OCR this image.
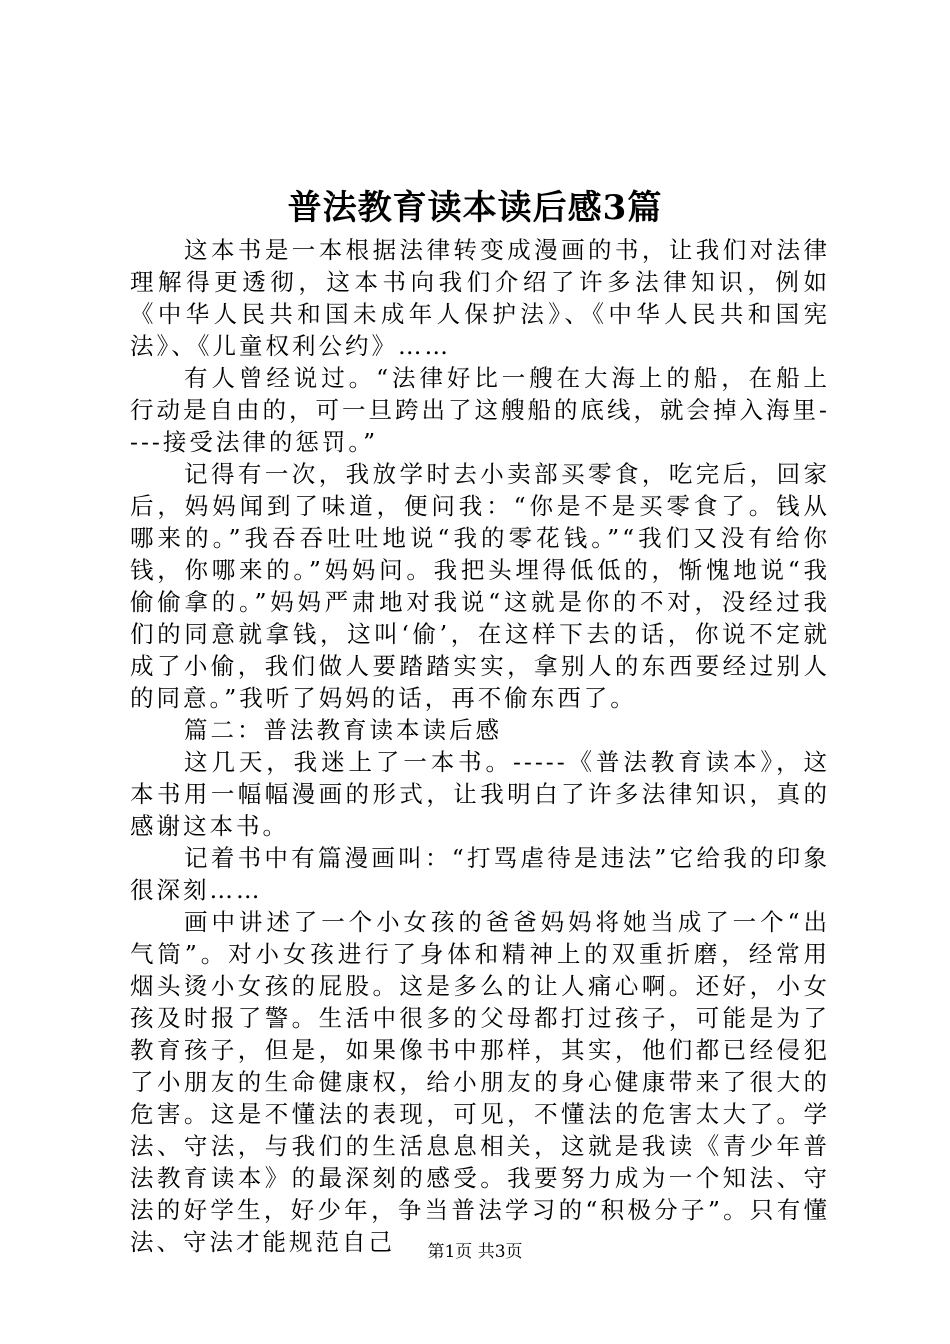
普法教育读本读后感3篇

这本书是一本根据法律转变成漫画的书，让我们对法律理解得更透彻，这本书向我们介绍了许多法律知识，例如《中华人民共和国未成年人保护法》、《中华人民共和国宪法》、《儿童权利公约》……

有人曾经说过。“法律好比一艘在大海上的船，在船上行动是自由的，可一旦跨出了这艘船的底线，就会掉入海里----接受法律的惩罚。”

记得有一次，我放学时去小卖部买零食，吃完后，回家后，妈妈闻到了味道，便问我：“你是不是买零食了。钱从哪来的。”我吞吞吐吐地说“我的零花钱。”“我们又没有给你钱，你哪来的。”妈妈问。我把头埋得低低的，惭愧地说“我偷偷拿的。”妈妈严肃地对我说“这就是你的不对，没经过我们的同意就拿钱，这叫‘偷’，在这样下去的话，你说不定就成了小偷，我们做人要踏踏实实，拿别人的东西要经过别人的同意。”我听了妈妈的话，再不偷东西了。

篇二：普法教育读本读后感

这几天，我迷上了一本书。-----《普法教育读本》，这本书用一幅幅漫画的形式，让我明白了许多法律知识，真的感谢这本书。

记着书中有篇漫画叫：“打骂虐待是违法”它给我的印象很深刻……

画中讲述了一个小女孩的爸爸妈妈将她当成了一个“出气筒”。对小女孩进行了身体和精神上的双重折磨，经常用烟头烫小女孩的屁股。这是多么的让人痛心啊。还好，小女孩及时报了警。生活中很多的父母都打过孩子，可能是为了教育孩子，但是，如果像书中那样，其实，他们都已经侵犯了小朋友的生命健康权，给小朋友的身心健康带来了很大的危害。这是不懂法的表现，可见，不懂法的危害太大了。学法、守法，与我们的生活息息相关，这就是我读《青少年普法教育读本》的最深刻的感受。我要努力成为一个知法、守法的好学生，好少年，争当普法学习的“积极分子”。只有懂法、守法才能规范自己	第1页 共3页
